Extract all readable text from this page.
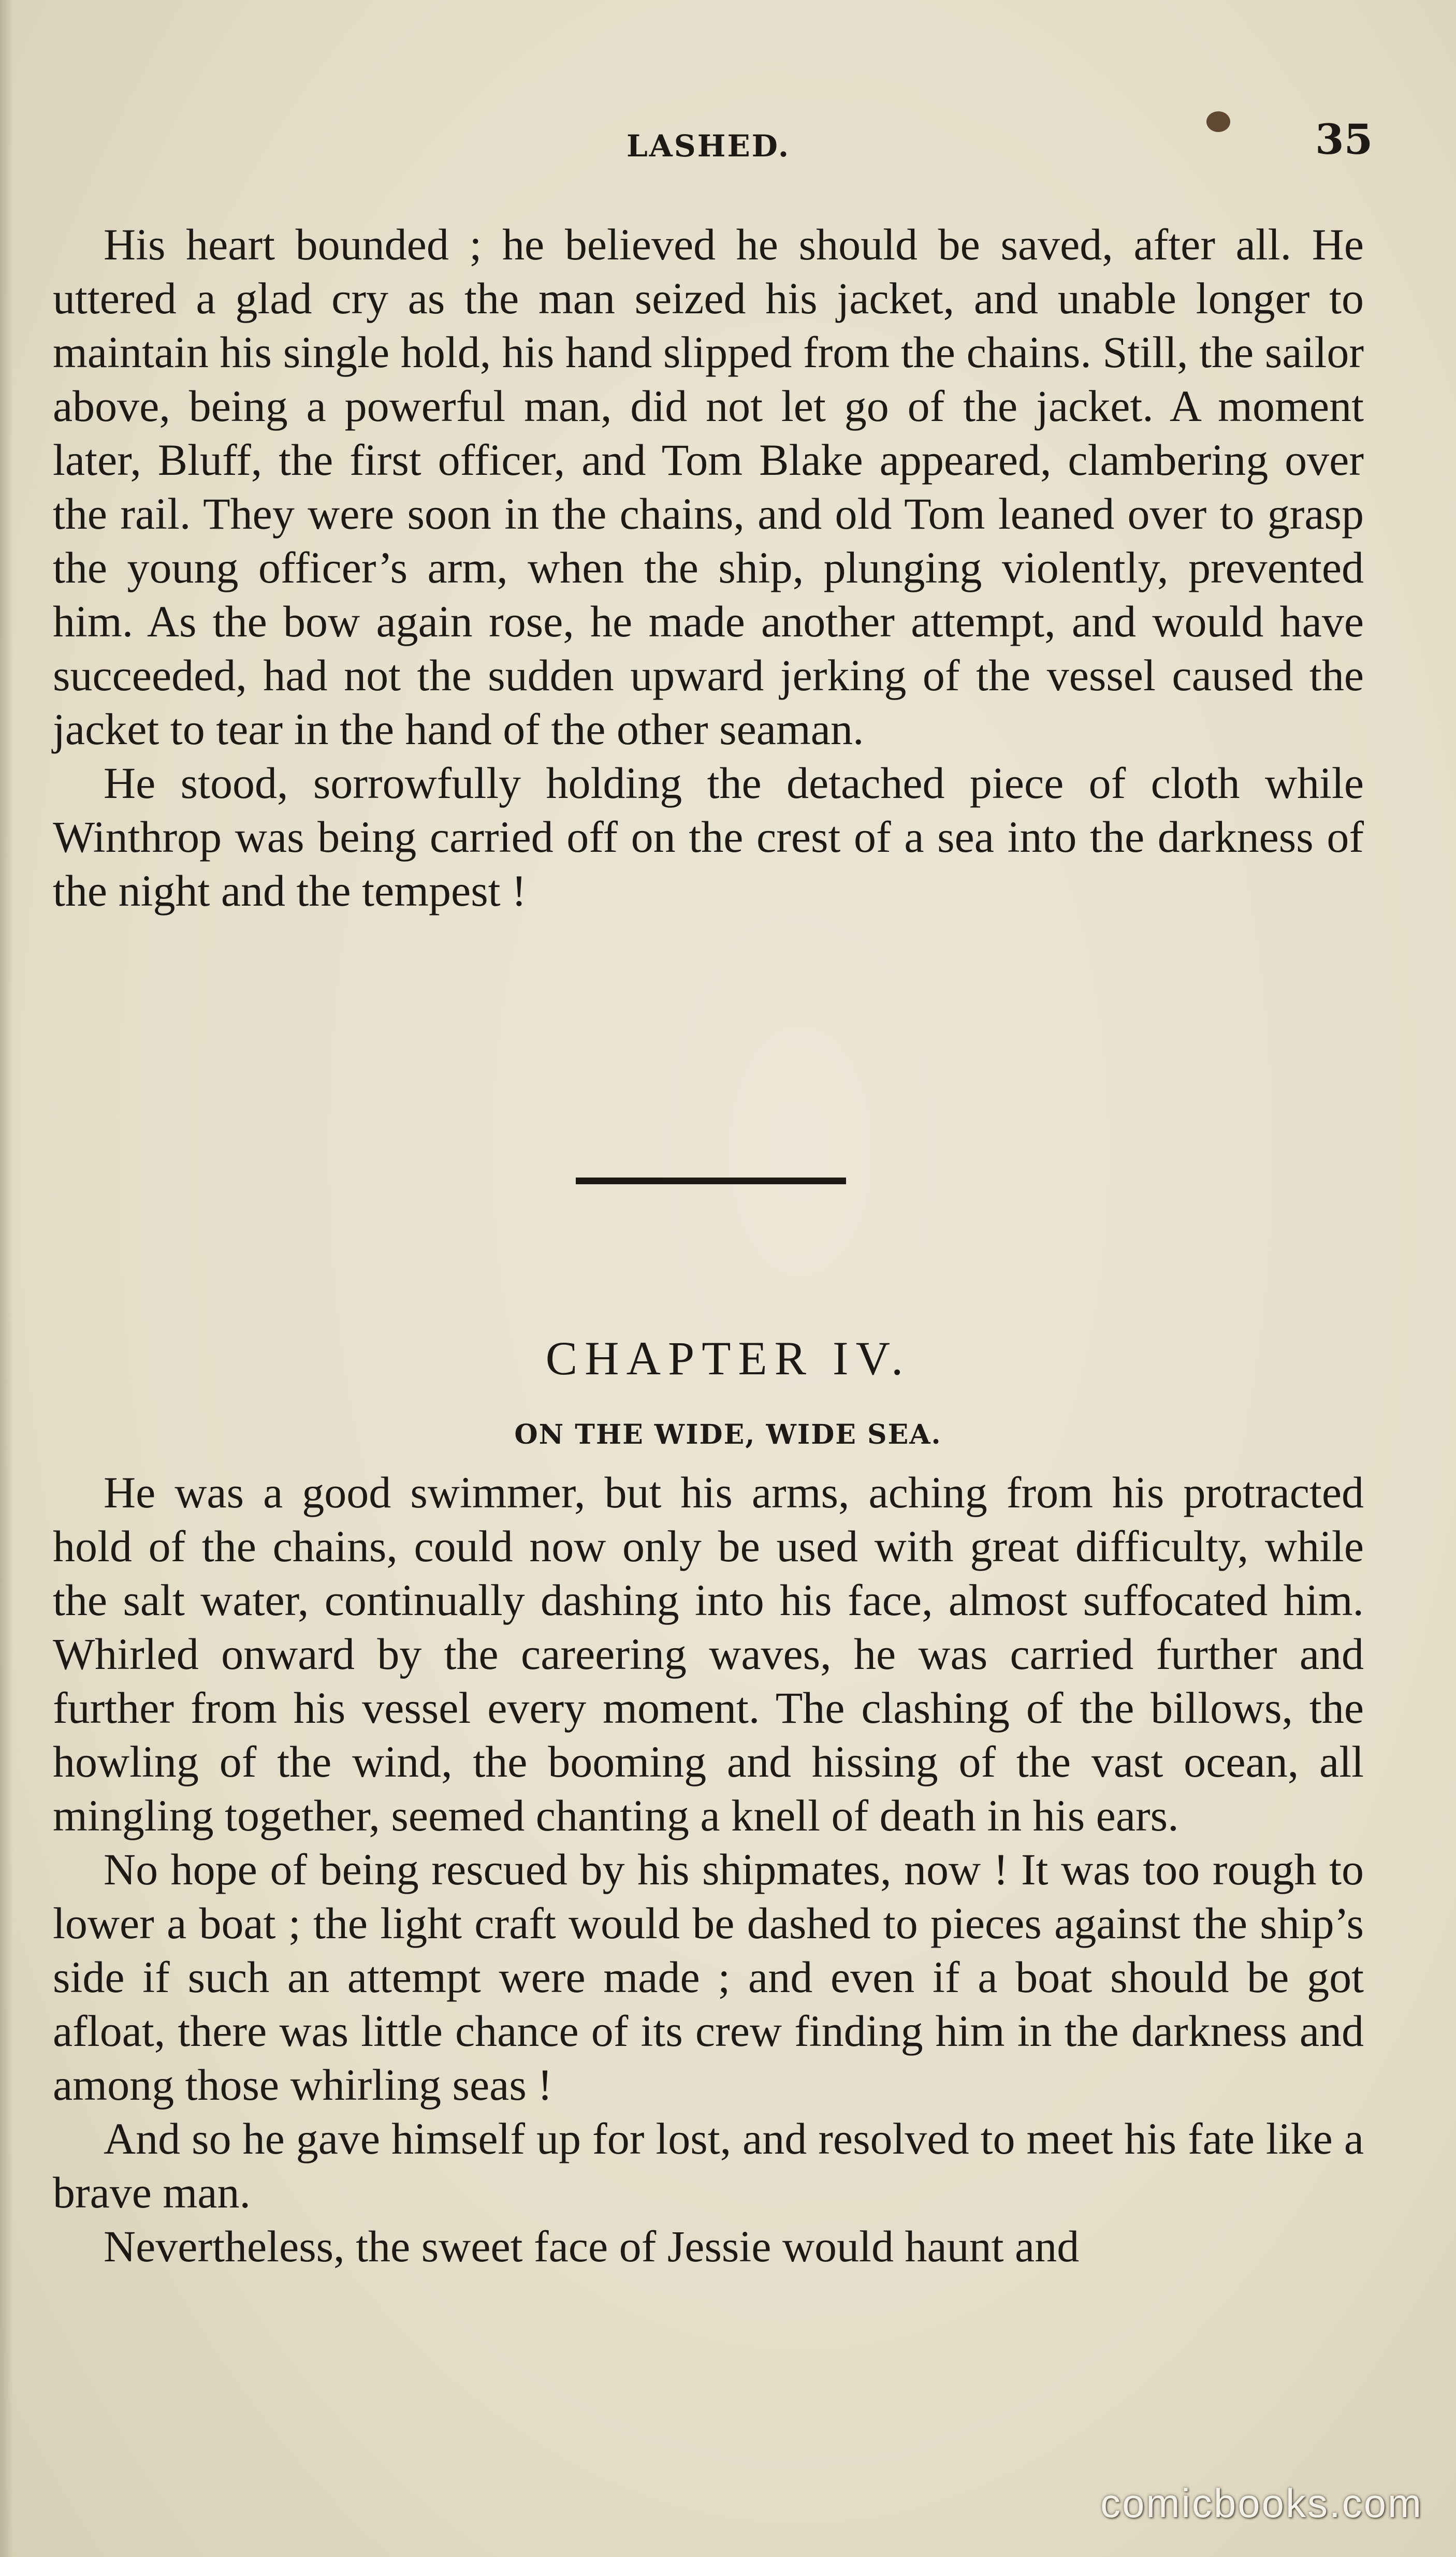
LASHED.	35

His heart bounded ; he believed he should be saved, after all. He uttered a glad cry as the man seized his jacket, and unable longer to maintain his single hold, his hand slipped from the chains. Still, the sailor above, being a powerful man, did not let go of the jacket. A moment later, Bluff, the first officer, and Tom Blake appeared, clambering over the rail. They were soon in the chains, and old Tom leaned over to grasp the young officer’s arm, when the ship, plunging violently, prevented him. As the bow again rose, he made another attempt, and would have succeeded, had not the sudden upward jerking of the vessel caused the jacket to tear in the hand of the other seaman.

He stood, sorrowfully holding the detached piece of cloth while Winthrop was being carried off on the crest of a sea into the darkness of the night and the tempest !

CHAPTER IV.
ON THE WIDE, WIDE SEA.

He was a good swimmer, but his arms, aching from his protracted hold of the chains, could now only be used with great difficulty, while the salt water, continually dashing into his face, almost suffocated him. Whirled onward by the careering waves, he was carried further and further from his vessel every moment. The clashing of the billows, the howling of the wind, the booming and hissing of the vast ocean, all mingling together, seemed chanting a knell of death in his ears.

No hope of being rescued by his shipmates, now ! It was too rough to lower a boat ; the light craft would be dashed to pieces against the ship’s side if such an attempt were made ; and even if a boat should be got afloat, there was little chance of its crew finding him in the darkness and among those whirling seas !

And so he gave himself up for lost, and resolved to meet his fate like a brave man.

Nevertheless, the sweet face of Jessie would haunt and

comicbooks.com
